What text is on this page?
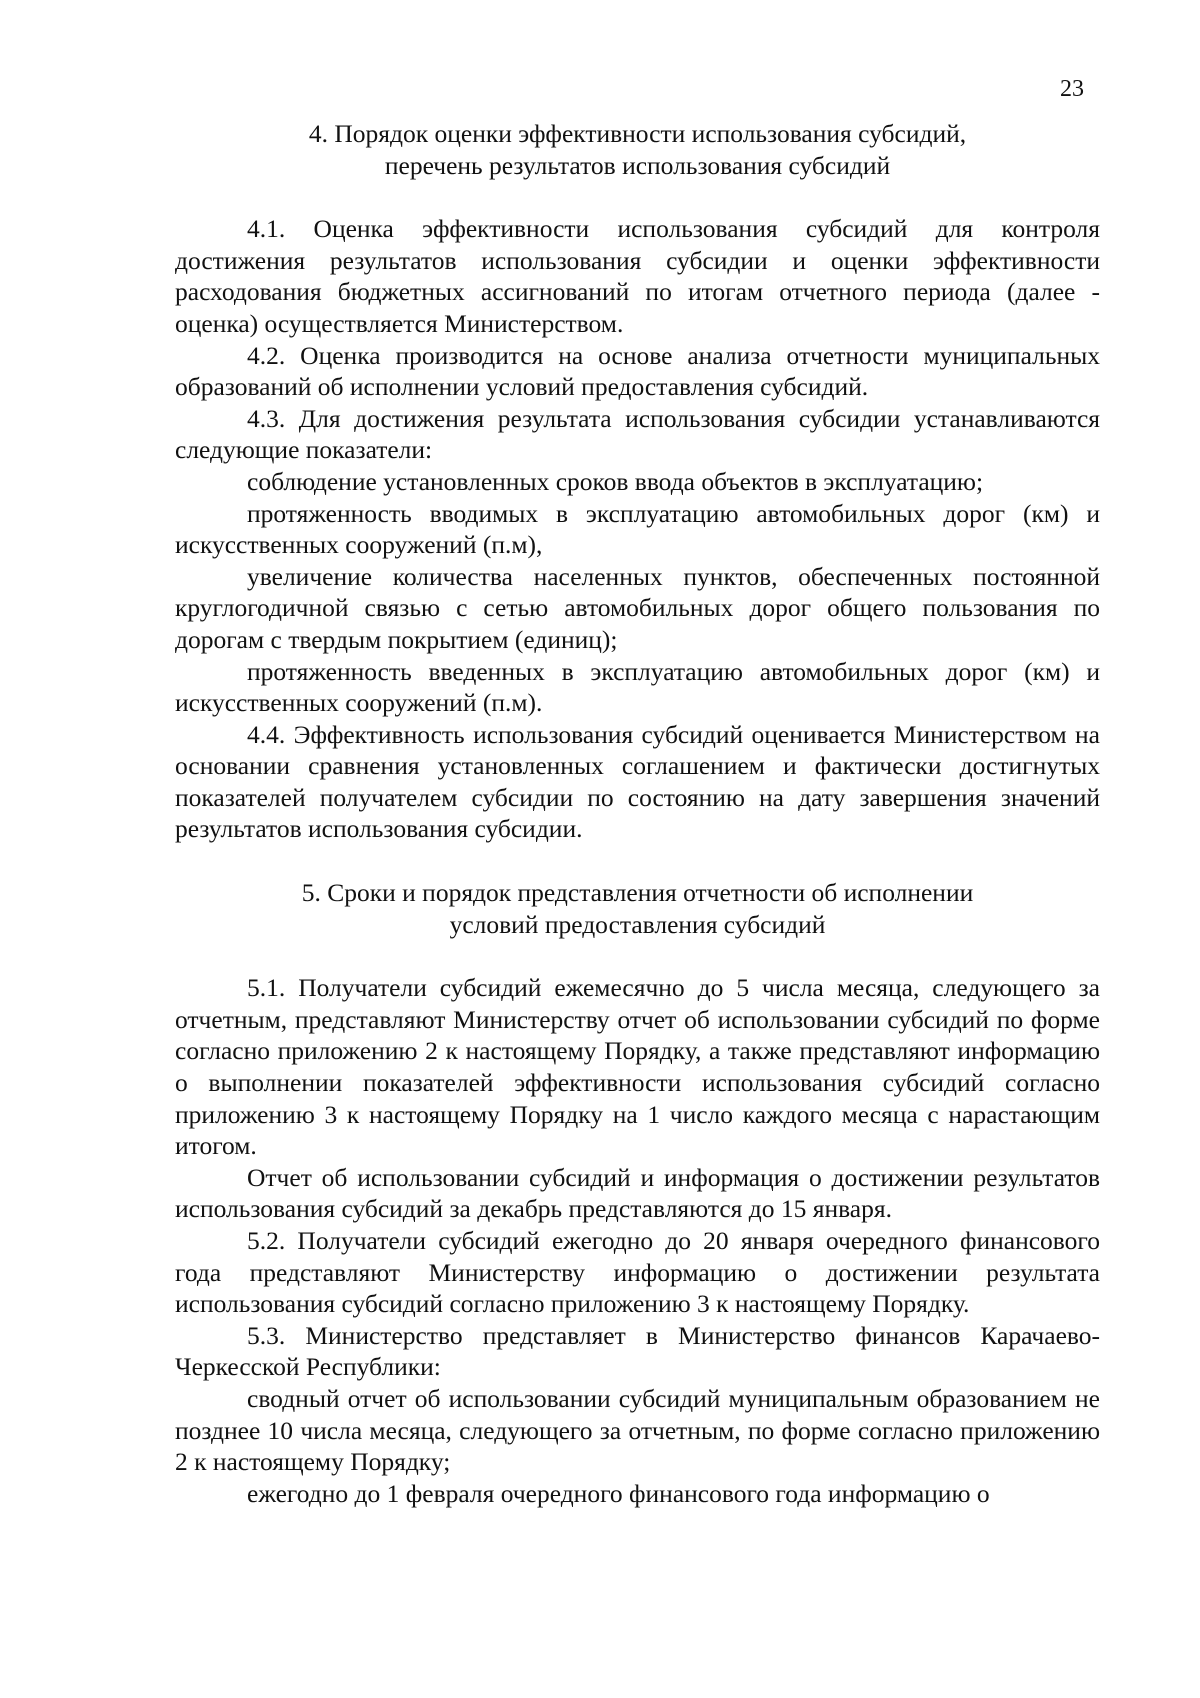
23
4. Порядок оценки эффективности использования субсидий,
перечень результатов использования субсидий

4.1. Оценка эффективности использования субсидий для контроля достижения результатов использования субсидии и оценки эффективности расходования бюджетных ассигнований по итогам отчетного периода (далее - оценка) осуществляется Министерством.

4.2. Оценка производится на основе анализа отчетности муниципальных образований об исполнении условий предоставления субсидий.

4.3. Для достижения результата использования субсидии устанавливаются следующие показатели:

соблюдение установленных сроков ввода объектов в эксплуатацию;

протяженность вводимых в эксплуатацию автомобильных дорог (км) и искусственных сооружений (п.м),

увеличение количества населенных пунктов, обеспеченных постоянной круглогодичной связью с сетью автомобильных дорог общего пользования по дорогам с твердым покрытием (единиц);

протяженность введенных в эксплуатацию автомобильных дорог (км) и искусственных сооружений (п.м).

4.4. Эффективность использования субсидий оценивается Министерством на основании сравнения установленных соглашением и фактически достигнутых показателей получателем субсидии по состоянию на дату завершения значений результатов использования субсидии.

5. Сроки и порядок представления отчетности об исполнении
условий предоставления субсидий

5.1. Получатели субсидий ежемесячно до 5 числа месяца, следующего за отчетным, представляют Министерству отчет об использовании субсидий по форме согласно приложению 2 к настоящему Порядку, а также представляют информацию о выполнении показателей эффективности использования субсидий согласно приложению 3 к настоящему Порядку на 1 число каждого месяца с нарастающим итогом.

Отчет об использовании субсидий и информация о достижении результатов использования субсидий за декабрь представляются до 15 января.

5.2. Получатели субсидий ежегодно до 20 января очередного финансового года представляют Министерству информацию о достижении результата использования субсидий согласно приложению 3 к настоящему Порядку.

5.3. Министерство представляет в Министерство финансов Карачаево-Черкесской Республики:

сводный отчет об использовании субсидий муниципальным образованием не позднее 10 числа месяца, следующего за отчетным, по форме согласно приложению 2 к настоящему Порядку;

ежегодно до 1 февраля очередного финансового года информацию о
